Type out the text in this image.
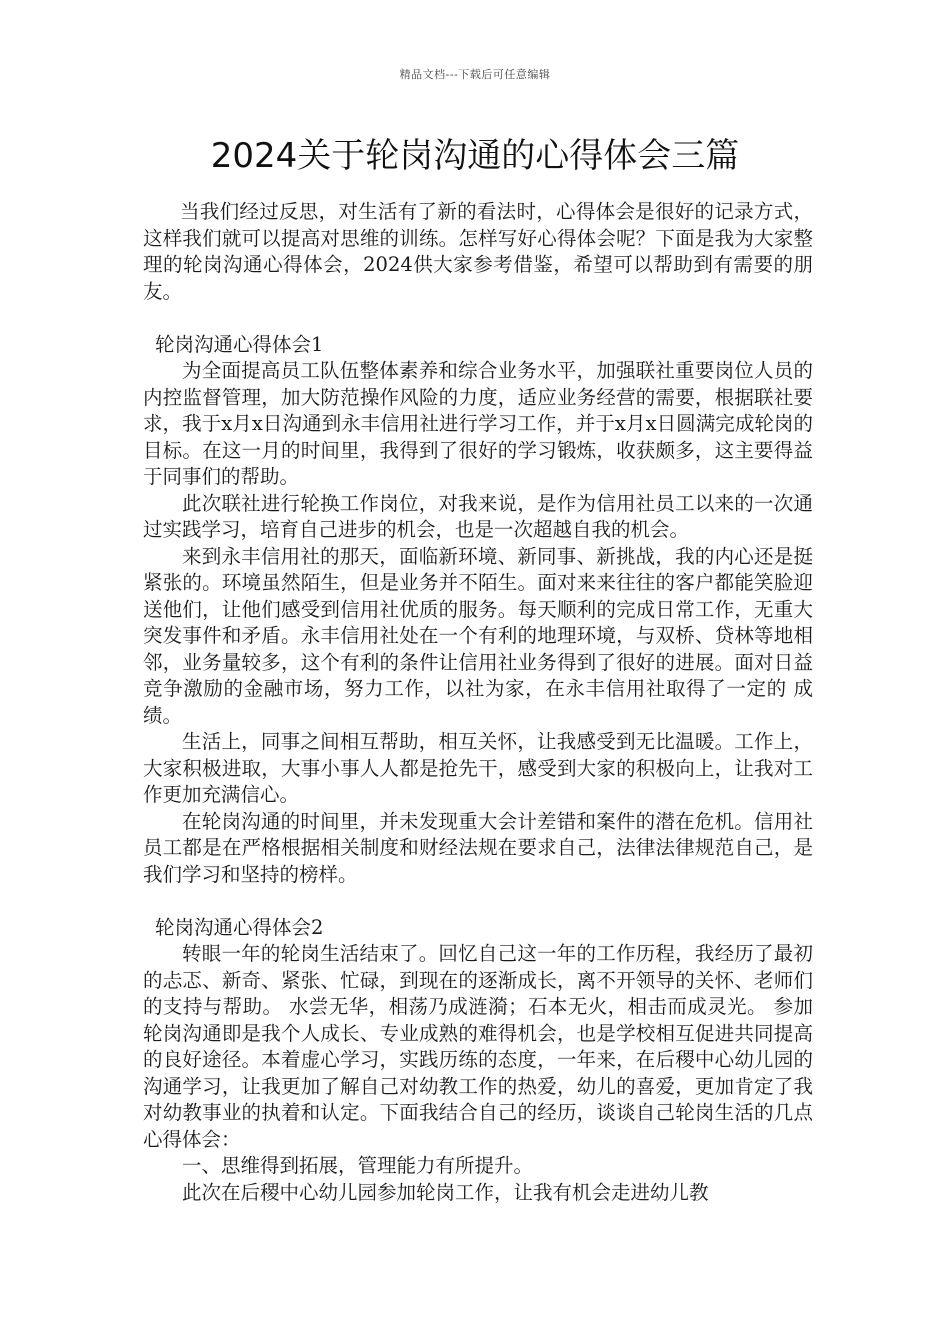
精品文档---下载后可任意编辑
2024关于轮岗沟通的心得体会三篇

当我们经过反思，对生活有了新的看法时，心得体会是很好的记录方式，这样我们就可以提高对思维的训练。怎样写好心得体会呢？下面是我为大家整理的轮岗沟通心得体会，2024供大家参考借鉴，希望可以帮助到有需要的朋友。

轮岗沟通心得体会1

为全面提高员工队伍整体素养和综合业务水平，加强联社重要岗位人员的内控监督管理，加大防范操作风险的力度，适应业务经营的需要，根据联社要求，我于x月x日沟通到永丰信用社进行学习工作，并于x月x日圆满完成轮岗的目标。在这一月的时间里，我得到了很好的学习锻炼，收获颇多，这主要得益于同事们的帮助。

此次联社进行轮换工作岗位，对我来说，是作为信用社员工以来的一次通过实践学习，培育自己进步的机会，也是一次超越自我的机会。

来到永丰信用社的那天，面临新环境、新同事、新挑战，我的内心还是挺紧张的。环境虽然陌生，但是业务并不陌生。面对来来往往的客户都能笑脸迎送他们，让他们感受到信用社优质的服务。每天顺利的完成日常工作，无重大突发事件和矛盾。永丰信用社处在一个有利的地理环境，与双桥、贷林等地相邻，业务量较多，这个有利的条件让信用社业务得到了很好的进展。面对日益竞争激励的金融市场，努力工作，以社为家，在永丰信用社取得了一定的 成绩。

生活上，同事之间相互帮助，相互关怀，让我感受到无比温暖。工作上，大家积极进取，大事小事人人都是抢先干，感受到大家的积极向上，让我对工作更加充满信心。

在轮岗沟通的时间里，并未发现重大会计差错和案件的潜在危机。信用社员工都是在严格根据相关制度和财经法规在要求自己，法律法律规范自己，是我们学习和坚持的榜样。

轮岗沟通心得体会2

转眼一年的轮岗生活结束了。回忆自己这一年的工作历程，我经历了最初的忐忑、新奇、紧张、忙碌，到现在的逐渐成长，离不开领导的关怀、老师们的支持与帮助。 水尝无华，相荡乃成涟漪；石本无火，相击而成灵光。 参加轮岗沟通即是我个人成长、专业成熟的难得机会，也是学校相互促进共同提高的良好途径。本着虚心学习，实践历练的态度，一年来，在后稷中心幼儿园的沟通学习，让我更加了解自己对幼教工作的热爱，幼儿的喜爱，更加肯定了我对幼教事业的执着和认定。下面我结合自己的经历，谈谈自己轮岗生活的几点心得体会：

一、思维得到拓展，管理能力有所提升。

此次在后稷中心幼儿园参加轮岗工作，让我有机会走进幼儿教
